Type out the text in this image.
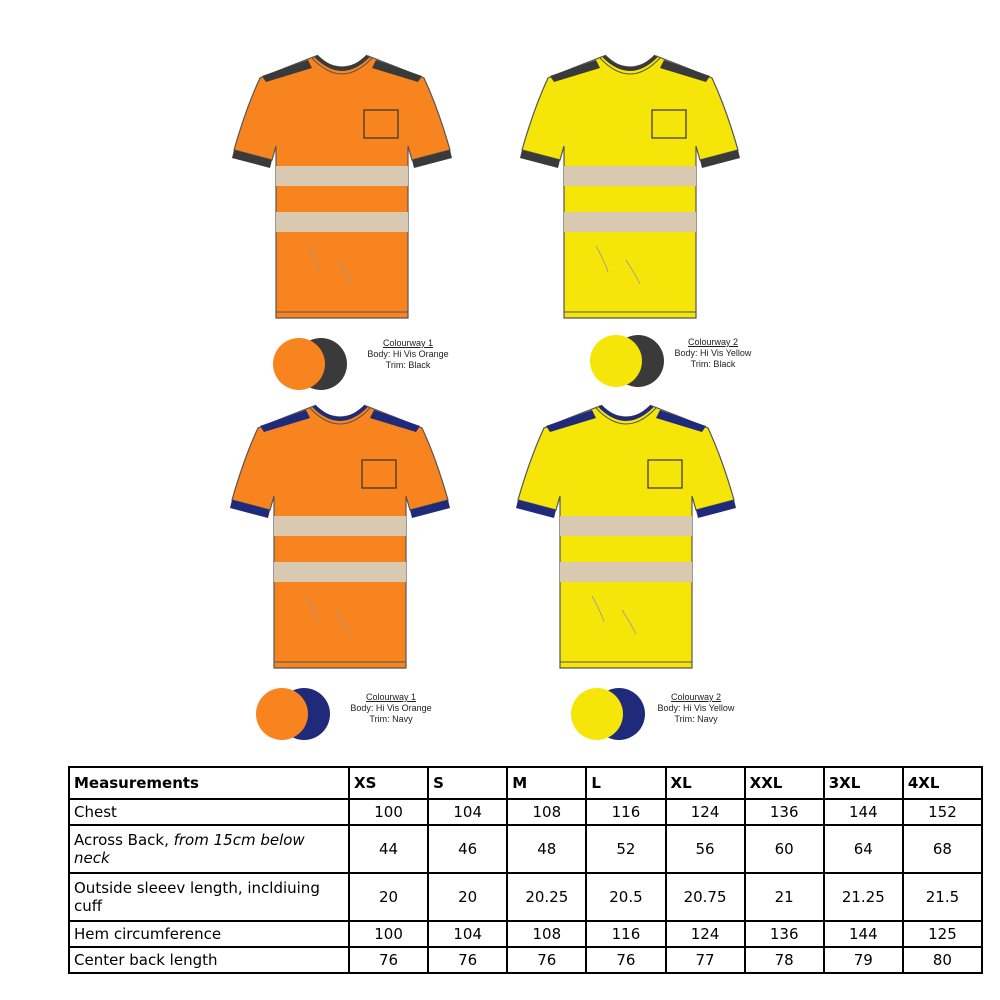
Colourway 1
Body: Hi Vis Orange
Trim: Black
Colourway 2
Body: Hi Vis Yellow
Trim: Black
Colourway 1
Body: Hi Vis Orange
Trim: Navy
Colourway 2
Body: Hi Vis Yellow
Trim: Navy
Measurements	XS	S	M	L	XL	XXL	3XL	4XL
Chest	100	104	108	116	124	136	144	152
Across Back, from 15cm below neck	44	46	48	52	56	60	64	68
Outside sleeev length, incldiuing cuff	20	20	20.25	20.5	20.75	21	21.25	21.5
Hem circumference	100	104	108	116	124	136	144	125
Center back length	76	76	76	76	77	78	79	80
